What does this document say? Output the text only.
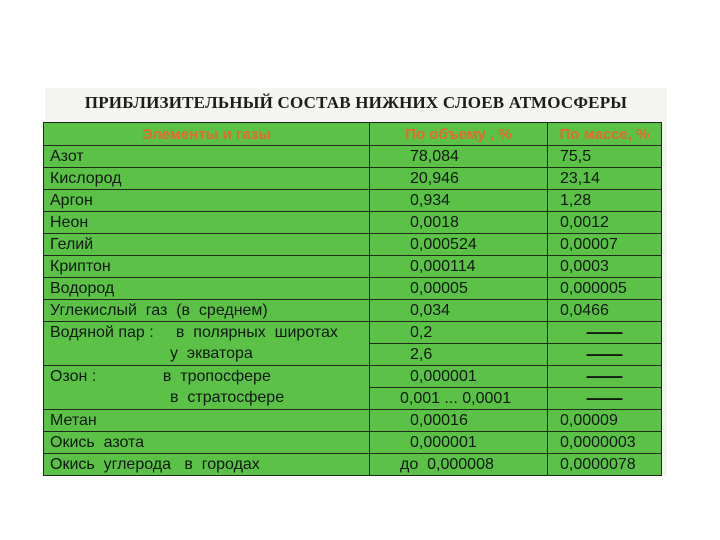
ПРИБЛИЗИТЕЛЬНЫЙ СОСТАВ НИЖНИХ СЛОЕВ АТМОСФЕРЫ
Элементы и газы	По объему , %	По массе, %
Азот	78,084	75,5
Кислород	20,946	23,14
Аргон	0,934	1,28
Неон	0,0018	0,0012
Гелий	0,000524	0,00007
Криптон	0,000114	0,0003
Водород	0,00005	0,000005
Углекислый  газ  (в  среднем)	0,034	0,0466
Водяной пар :     в  полярных  широтах	0,2	——
у  экватора	2,6	——
Озон :               в  тропосфере	0,000001	——
в  стратосфере	0,001 ... 0,0001	——
Метан	0,00016	0,00009
Окись  азота	0,000001	0,0000003
Окись  углерода   в  городах	до  0,000008	0,0000078
